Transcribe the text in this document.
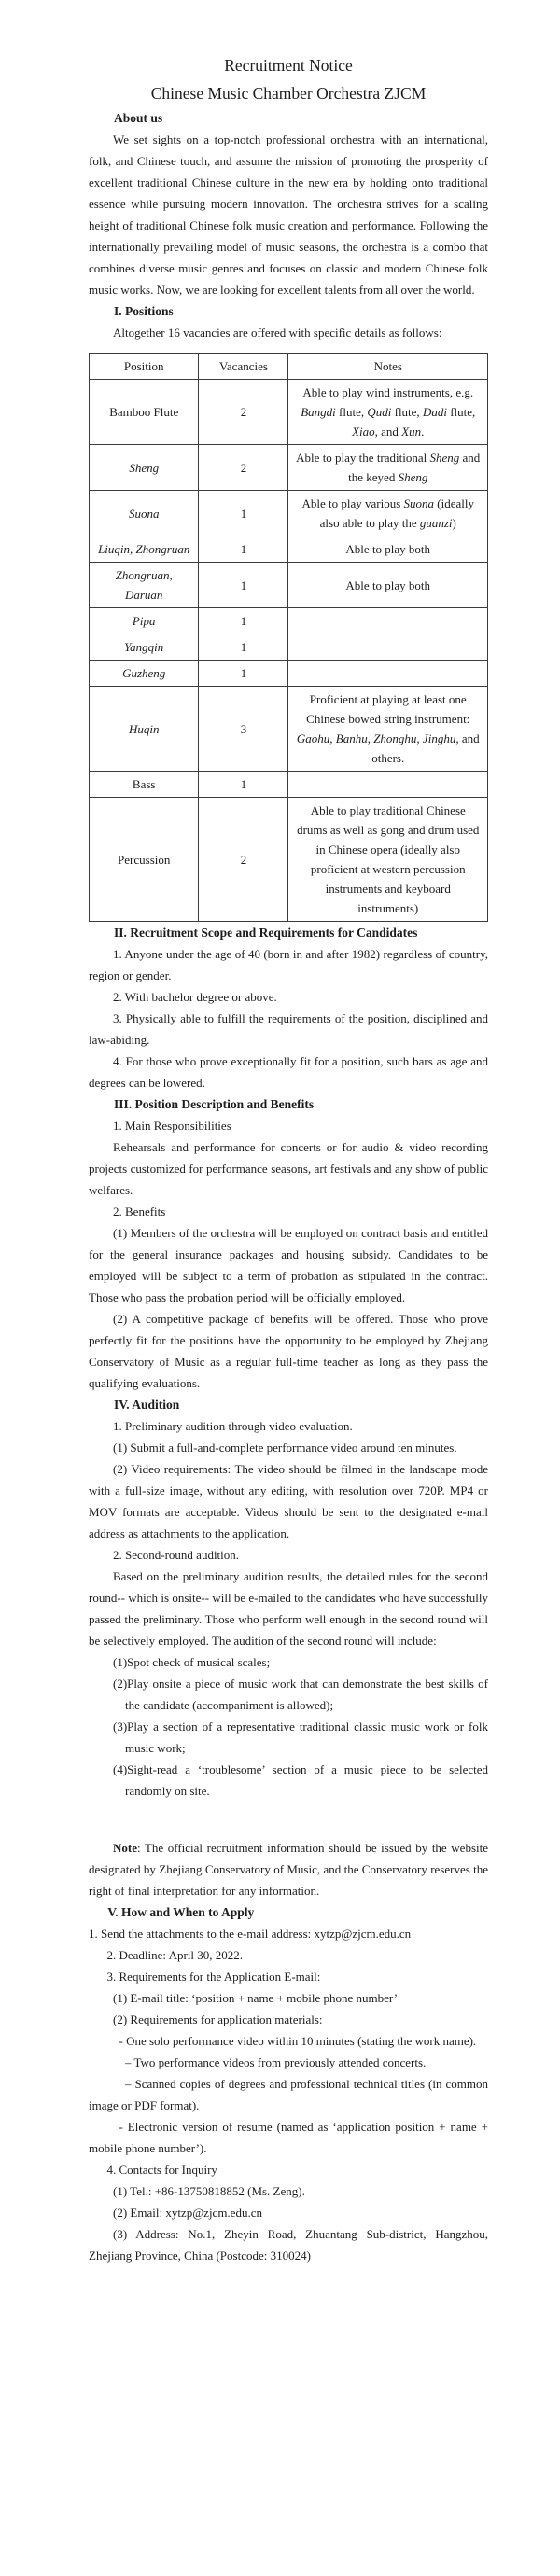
Recruitment Notice
Chinese Music Chamber Orchestra ZJCM
About us

We set sights on a top-notch professional orchestra with an international, folk, and Chinese touch, and assume the mission of promoting the prosperity of excellent traditional Chinese culture in the new era by holding onto traditional essence while pursuing modern innovation. The orchestra strives for a scaling height of traditional Chinese folk music creation and performance. Following the internationally prevailing model of music seasons, the orchestra is a combo that combines diverse music genres and focuses on classic and modern Chinese folk music works. Now, we are looking for excellent talents from all over the world.

I. Positions

Altogether 16 vacancies are offered with specific details as follows:

Position	Vacancies	Notes
Bamboo Flute	2	Able to play wind instruments, e.g. Bangdi flute, Qudi flute, Dadi flute, Xiao, and Xun.
Sheng	2	Able to play the traditional Sheng and the keyed Sheng
Suona	1	Able to play various Suona (ideally also able to play the guanzi)
Liuqin, Zhongruan	1	Able to play both
Zhongruan, Daruan	1	Able to play both
Pipa	1	
Yangqin	1	
Guzheng	1	
Huqin	3	Proficient at playing at least one Chinese bowed string instrument: Gaohu, Banhu, Zhonghu, Jinghu, and others.
Bass	1	
Percussion	2	Able to play traditional Chinese drums as well as gong and drum used in Chinese opera (ideally also proficient at western percussion instruments and keyboard instruments)
II. Recruitment Scope and Requirements for Candidates

1. Anyone under the age of 40 (born in and after 1982) regardless of country, region or gender.

2. With bachelor degree or above.

3. Physically able to fulfill the requirements of the position, disciplined and law-abiding.

4. For those who prove exceptionally fit for a position, such bars as age and degrees can be lowered.

III. Position Description and Benefits

1. Main Responsibilities

Rehearsals and performance for concerts or for audio & video recording projects customized for performance seasons, art festivals and any show of public welfares.

2. Benefits

(1) Members of the orchestra will be employed on contract basis and entitled for the general insurance packages and housing subsidy. Candidates to be employed will be subject to a term of probation as stipulated in the contract. Those who pass the probation period will be officially employed.

(2) A competitive package of benefits will be offered. Those who prove perfectly fit for the positions have the opportunity to be employed by Zhejiang Conservatory of Music as a regular full-time teacher as long as they pass the qualifying evaluations.

IV. Audition

1. Preliminary audition through video evaluation.

(1) Submit a full-and-complete performance video around ten minutes.

(2) Video requirements: The video should be filmed in the landscape mode with a full-size image, without any editing, with resolution over 720P. MP4 or MOV formats are acceptable. Videos should be sent to the designated e-mail address as attachments to the application.

2. Second-round audition.

Based on the preliminary audition results, the detailed rules for the second round-- which is onsite-- will be e-mailed to the candidates who have successfully passed the preliminary. Those who perform well enough in the second round will be selectively employed. The audition of the second round will include:

(1)Spot check of musical scales;

(2)Play onsite a piece of music work that can demonstrate the best skills of the candidate (accompaniment is allowed);

(3)Play a section of a representative traditional classic music work or folk music work;

(4)Sight-read a ‘troublesome’ section of a music piece to be selected randomly on site.

Note: The official recruitment information should be issued by the website designated by Zhejiang Conservatory of Music, and the Conservatory reserves the right of final interpretation for any information.

V. How and When to Apply

1. Send the attachments to the e-mail address: xytzp@zjcm.edu.cn

2. Deadline: April 30, 2022.

3. Requirements for the Application E-mail:

(1) E-mail title: ‘position + name + mobile phone number’

(2) Requirements for application materials:

- One solo performance video within 10 minutes (stating the work name).

– Two performance videos from previously attended concerts.

– Scanned copies of degrees and professional technical titles (in common image or PDF format).

- Electronic version of resume (named as ‘application position + name + mobile phone number’).

4. Contacts for Inquiry

(1) Tel.: +86-13750818852 (Ms. Zeng).

(2) Email: xytzp@zjcm.edu.cn

(3) Address: No.1, Zheyin Road, Zhuantang Sub-district, Hangzhou, Zhejiang Province, China (Postcode: 310024)
